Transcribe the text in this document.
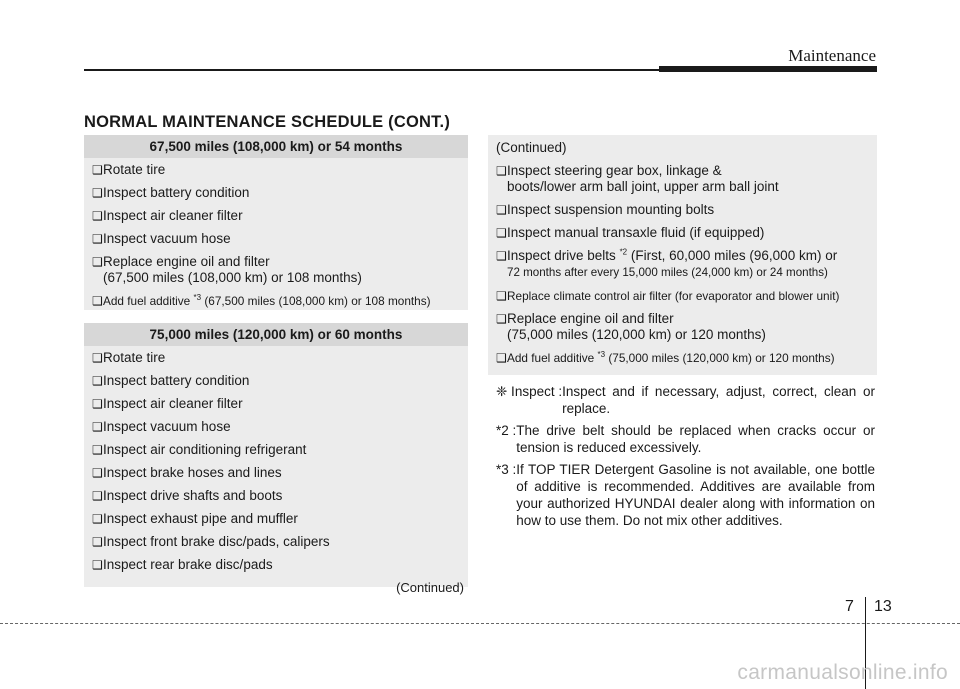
Maintenance
NORMAL MAINTENANCE SCHEDULE (CONT.)
67,500 miles (108,000 km) or 54 months
❑ Rotate tire
❑ Inspect battery condition
❑ Inspect air cleaner filter
❑ Inspect vacuum hose
❑ Replace engine oil and filter
(67,500 miles (108,000 km) or 108 months)
❑ Add fuel additive $^{*3}$ (67,500 miles (108,000 km) or 108 months)
75,000 miles (120,000 km) or 60 months
❑ Rotate tire
❑ Inspect battery condition
❑ Inspect air cleaner filter
❑ Inspect vacuum hose
❑ Inspect air conditioning refrigerant
❑ Inspect brake hoses and lines
❑ Inspect drive shafts and boots
❑ Inspect exhaust pipe and muffler
❑ Inspect front brake disc/pads, calipers
❑ Inspect rear brake disc/pads
(Continued)
(Continued)
❑ Inspect steering gear box, linkage &
boots/lower arm ball joint, upper arm ball joint
❑ Inspect suspension mounting bolts
❑ Inspect manual transaxle fluid (if equipped)
❑ Inspect drive belts $^{*2}$ (First, 60,000 miles (96,000 km) or
72 months after every 15,000 miles (24,000 km) or 24 months)
❑ Replace climate control air filter (for evaporator and blower unit)
❑ Replace engine oil and filter
(75,000 miles (120,000 km) or 120 months)
❑ Add fuel additive $^{*3}$ (75,000 miles (120,000 km) or 120 months)
❈ Inspect : Inspect and if necessary, adjust, correct, clean or replace.
*2 : The drive belt should be replaced when cracks occur or tension is reduced excessively.
*3 : If TOP TIER Detergent Gasoline is not available, one bottle of additive is recommended. Additives are available from your authorized HYUNDAI dealer along with information on how to use them. Do not mix other additives.
7 13
carmanualsonline.info
